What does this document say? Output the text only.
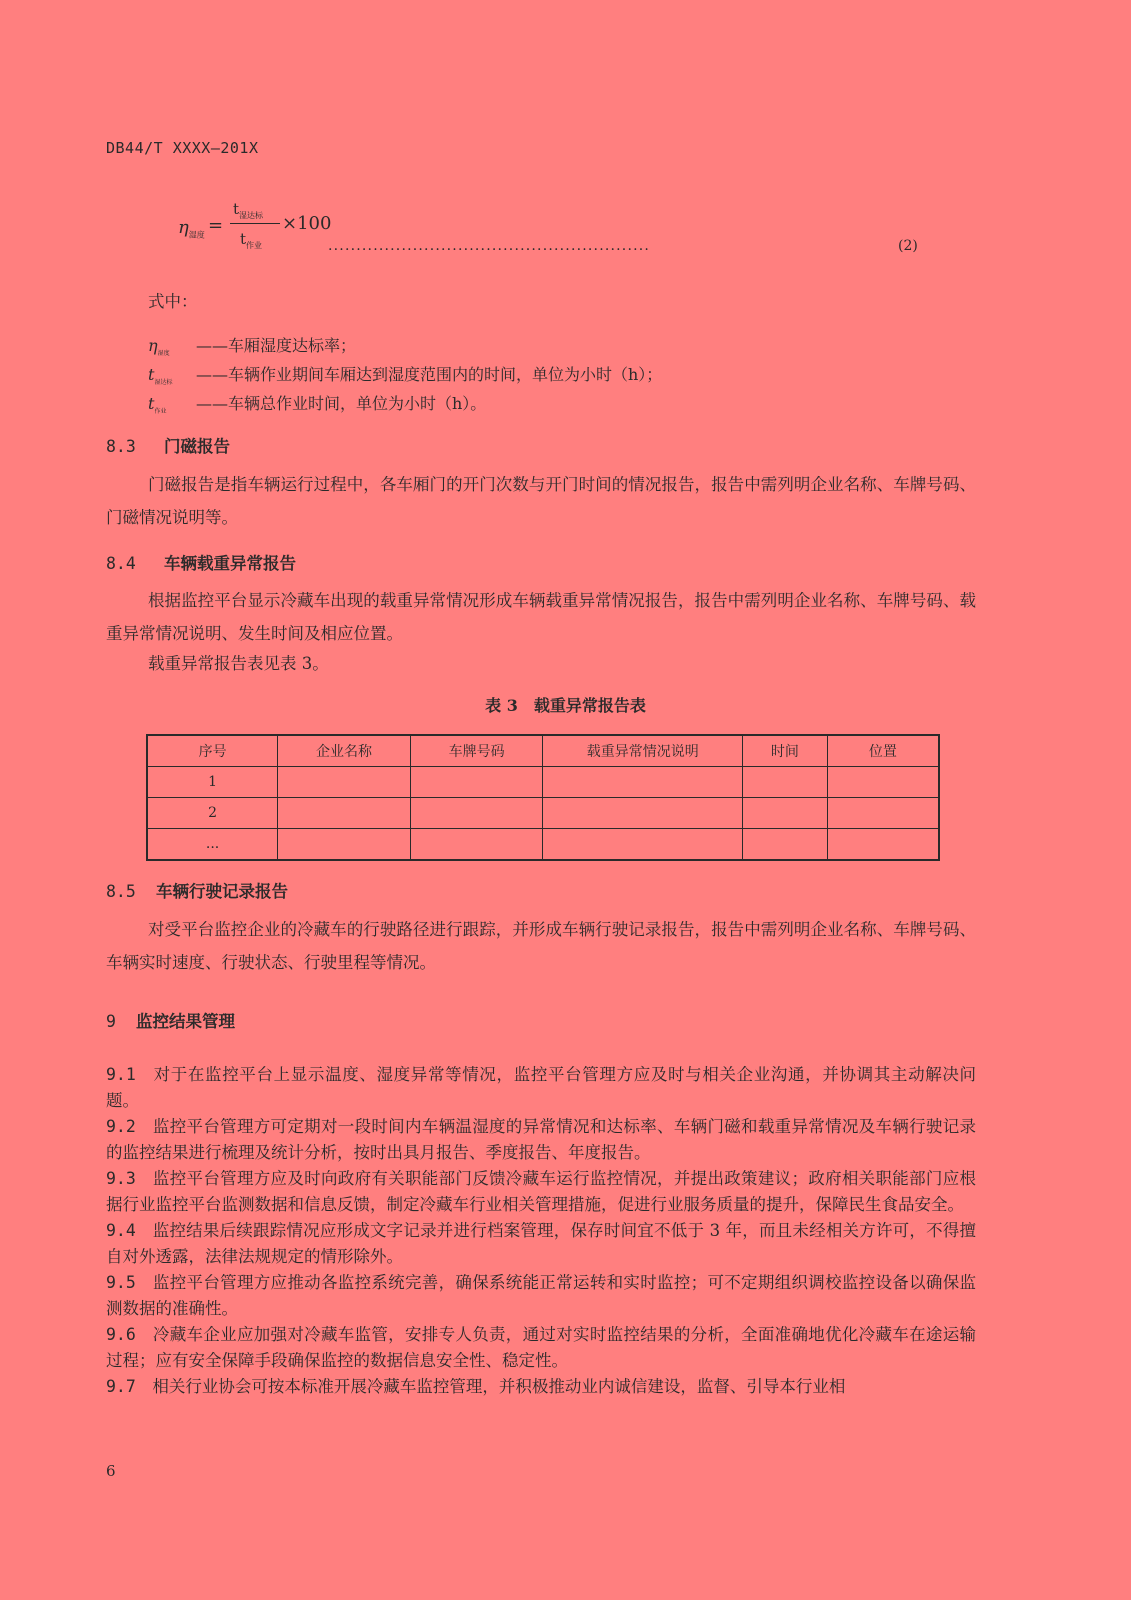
DB44/T XXXX—201X
$\eta_{湿度}$ =
$t_{湿达标}$
$t_{作业}$
×100
.........................................................	(2)
式中：
$\eta_{湿度}$ ——车厢湿度达标率；
$t_{湿达标}$ ——车辆作业期间车厢达到湿度范围内的时间，单位为小时（h）；
$t_{作业}$ ——车辆总作业时间，单位为小时（h）。
8.3 门磁报告
门磁报告是指车辆运行过程中，各车厢门的开门次数与开门时间的情况报告，报告中需列明企业名称、车牌号码、门磁情况说明等。
8.4 车辆载重异常报告
根据监控平台显示冷藏车出现的载重异常情况形成车辆载重异常情况报告，报告中需列明企业名称、车牌号码、载重异常情况说明、发生时间及相应位置。
载重异常报告表见表 3。
表 3　载重异常报告表
序号	企业名称	车牌号码	载重异常情况说明	时间	位置
1					
2					
...					
8.5 车辆行驶记录报告
对受平台监控企业的冷藏车的行驶路径进行跟踪，并形成车辆行驶记录报告，报告中需列明企业名称、车牌号码、车辆实时速度、行驶状态、行驶里程等情况。
9 监控结果管理

9.1　 对于在监控平台上显示温度、湿度异常等情况，监控平台管理方应及时与相关企业沟通，并协调其主动解决问题。

9.2　 监控平台管理方可定期对一段时间内车辆温湿度的异常情况和达标率、车辆门磁和载重异常情况及车辆行驶记录的监控结果进行梳理及统计分析，按时出具月报告、季度报告、年度报告。

9.3　 监控平台管理方应及时向政府有关职能部门反馈冷藏车运行监控情况，并提出政策建议；政府相关职能部门应根据行业监控平台监测数据和信息反馈，制定冷藏车行业相关管理措施，促进行业服务质量的提升，保障民生食品安全。

9.4　 监控结果后续跟踪情况应形成文字记录并进行档案管理，保存时间宜不低于 3 年，而且未经相关方许可，不得擅自对外透露，法律法规规定的情形除外。

9.5　 监控平台管理方应推动各监控系统完善，确保系统能正常运转和实时监控；可不定期组织调校监控设备以确保监测数据的准确性。

9.6　 冷藏车企业应加强对冷藏车监管，安排专人负责，通过对实时监控结果的分析，全面准确地优化冷藏车在途运输过程；应有安全保障手段确保监控的数据信息安全性、稳定性。

9.7　 相关行业协会可按本标准开展冷藏车监控管理，并积极推动业内诚信建设，监督、引导本行业相

6
